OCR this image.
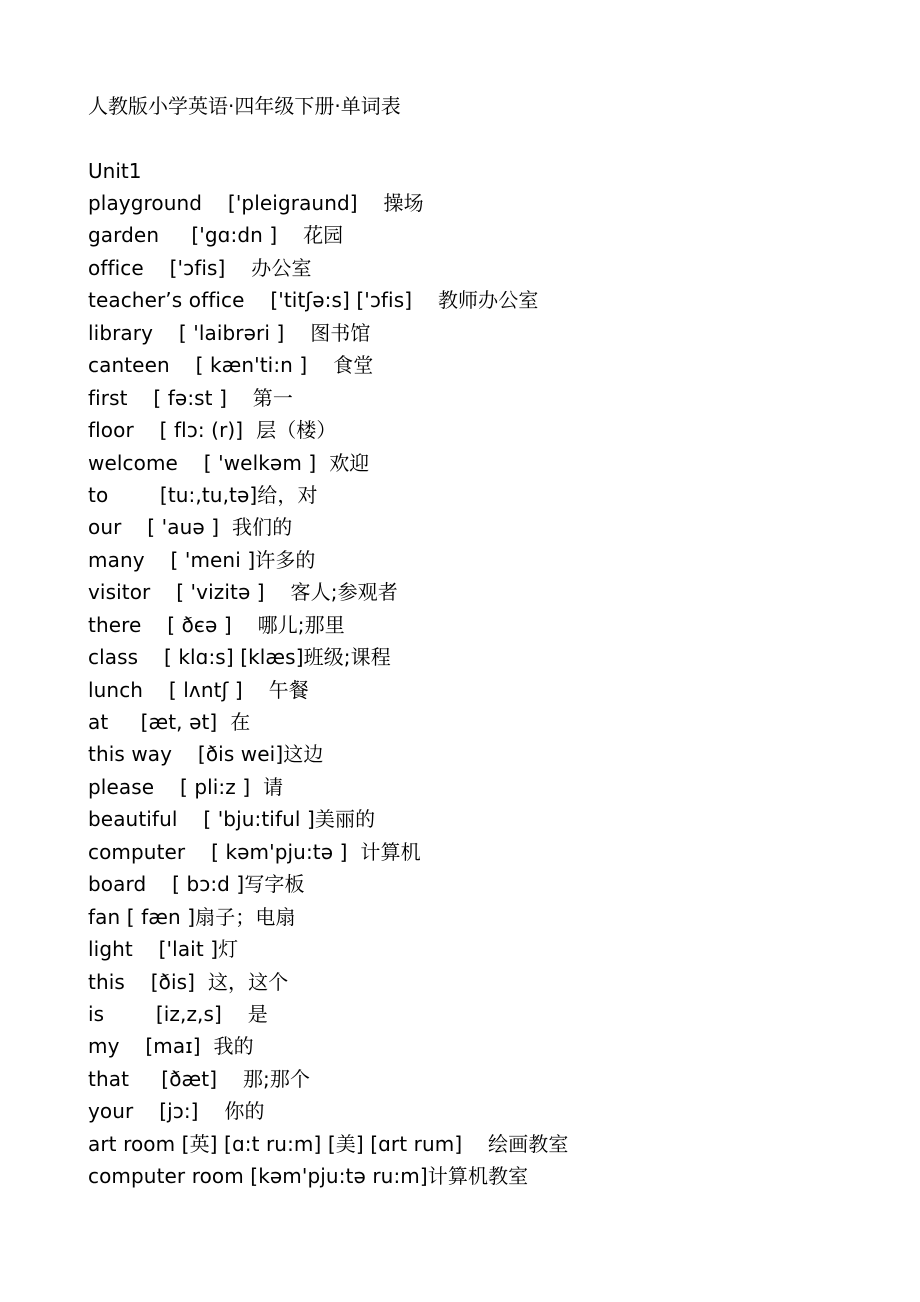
人教版小学英语·四年级下册·单词表
Unit1
playground    ['pleigraund]    操场
garden     ['gɑ:dn ]    花园
office    ['ɔfis]    办公室
teacher’s office    ['titʃə:s] ['ɔfis]    教师办公室
library    [ 'laibrəri ]    图书馆
canteen    [ kæn'ti:n ]    食堂
first    [ fə:st ]    第一
floor    [ flɔ: (r)]  层（楼）
welcome    [ 'welkəm ]  欢迎
to        [tu:,tu,tə]给，对
our    [ 'auə ]  我们的
many    [ 'meni ]许多的
visitor    [ 'vizitə ]    客人;参观者
there    [ ðєə ]    哪儿;那里
class    [ klɑ:s] [klæs]班级;课程
lunch    [ lʌntʃ ]    午餐
at     [æt, ət]  在
this way    [ðis wei]这边
please    [ pli:z ]  请
beautiful    [ 'bju:tiful ]美丽的
computer    [ kəm'pju:tə ]  计算机
board    [ bɔ:d ]写字板
fan [ fæn ]扇子；电扇
light    ['lait ]灯
this    [ðis]  这，这个
is        [iz,z,s]    是
my    [maɪ]  我的
that     [ðæt]    那;那个
your    [jɔ:]    你的
art room [英] [ɑ:t ru:m] [美] [ɑrt rum]    绘画教室
computer room [kəm'pju:tə ru:m]计算机教室
